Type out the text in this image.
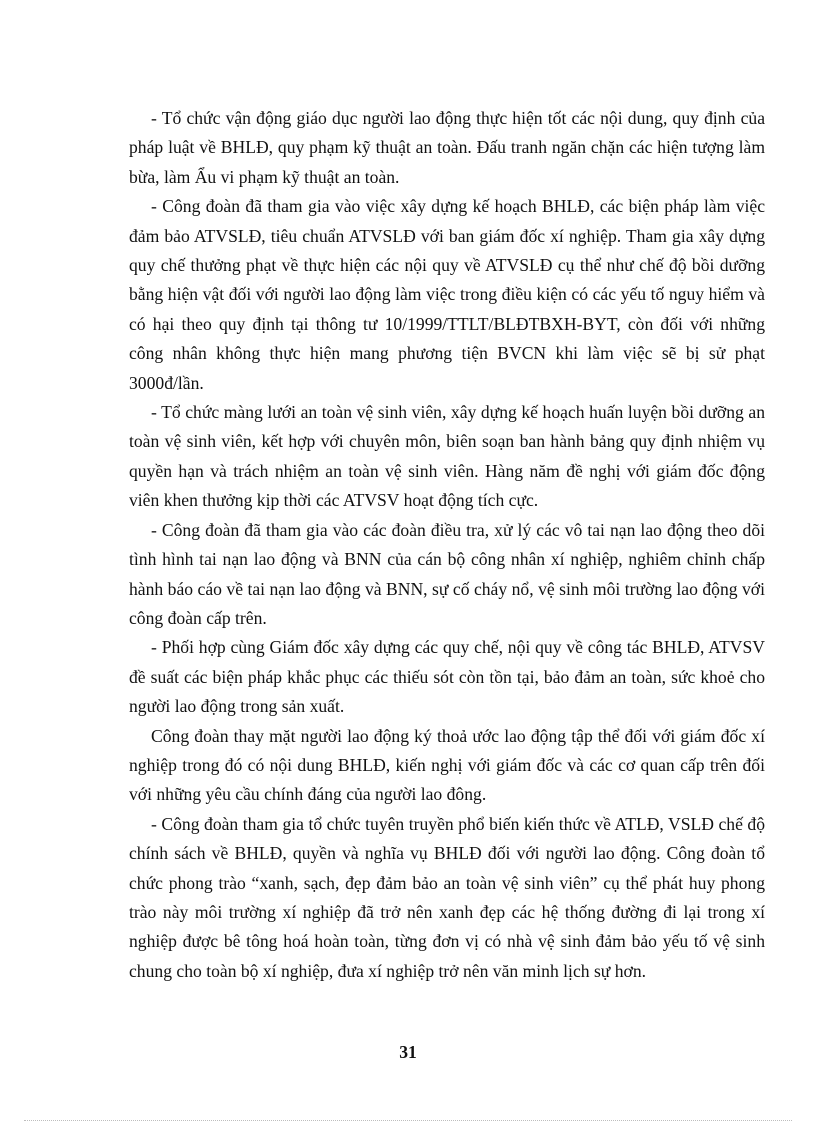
- Tổ chức vận động giáo dục người lao động thực hiện tốt các nội dung, quy định của pháp luật về BHLĐ, quy phạm kỹ thuật an toàn. Đấu tranh ngăn chặn các hiện tượng làm bừa, làm Ẩu vi phạm kỹ thuật an toàn.

- Công đoàn đã tham gia vào việc xây dựng kế hoạch BHLĐ, các biện pháp làm việc đảm bảo ATVSLĐ, tiêu chuẩn ATVSLĐ với ban giám đốc xí nghiệp. Tham gia xây dựng quy chế thưởng phạt về thực hiện các nội quy về ATVSLĐ cụ thể như chế độ bồi dưỡng bằng hiện vật đối với người lao động làm việc trong điều kiện có các yếu tố nguy hiểm và có hại theo quy định tại thông tư 10/1999/TTLT/BLĐTBXH-BYT, còn đối với những công nhân không thực hiện mang phương tiện BVCN khi làm việc sẽ bị sử phạt 3000đ/lần.

- Tổ chức màng lưới an toàn vệ sinh viên, xây dựng kế hoạch huấn luyện bồi dưỡng an toàn vệ sinh viên, kết hợp với chuyên môn, biên soạn ban hành bảng quy định nhiệm vụ quyền hạn và trách nhiệm an toàn vệ sinh viên. Hàng năm đề nghị với giám đốc động viên khen thưởng kịp thời các ATVSV hoạt động tích cực.

- Công đoàn đã tham gia vào các đoàn điều tra, xử lý các vô tai nạn lao động theo dõi tình hình tai nạn lao động và BNN của cán bộ công nhân xí nghiệp, nghiêm chỉnh chấp hành báo cáo về tai nạn lao động và BNN, sự cố cháy nổ, vệ sinh môi trường lao động với công đoàn cấp trên.

- Phối hợp cùng Giám đốc xây dựng các quy chế, nội quy về công tác BHLĐ, ATVSV đề suất các biện pháp khắc phục các thiếu sót còn tồn tại, bảo đảm an toàn, sức khoẻ cho người lao động trong sản xuất.

Công đoàn thay mặt người lao động ký thoả ước lao động tập thể đối với giám đốc xí nghiệp trong đó có nội dung BHLĐ, kiến nghị với giám đốc và các cơ quan cấp trên đối với những yêu cầu chính đáng của người lao đông.

- Công đoàn tham gia tổ chức tuyên truyền phổ biến kiến thức về ATLĐ, VSLĐ chế độ chính sách về BHLĐ, quyền và nghĩa vụ BHLĐ đối với người lao động. Công đoàn tổ chức phong trào “xanh, sạch, đẹp đảm bảo an toàn vệ sinh viên” cụ thể phát huy phong trào này môi trường xí nghiệp đã trở nên xanh đẹp các hệ thống đường đi lại trong xí nghiệp được bê tông hoá hoàn toàn, từng đơn vị có nhà vệ sinh đảm bảo yếu tố vệ sinh chung cho toàn bộ xí nghiệp, đưa xí nghiệp trở nên văn minh lịch sự hơn.

31
